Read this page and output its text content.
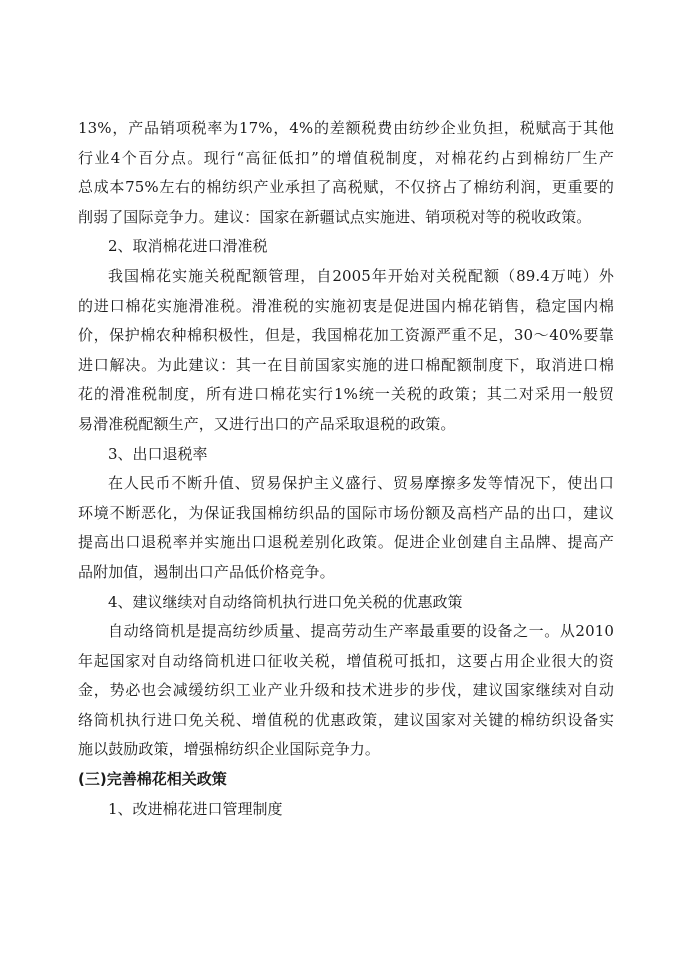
13%，产品销项税率为17%，4%的差额税费由纺纱企业负担，税赋高于其他
行业4个百分点。现行“高征低扣”的增值税制度，对棉花约占到棉纺厂生产
总成本75%左右的棉纺织产业承担了高税赋，不仅挤占了棉纺利润，更重要的
削弱了国际竞争力。建议：国家在新疆试点实施进、销项税对等的税收政策。
2、取消棉花进口滑准税
我国棉花实施关税配额管理，自2005年开始对关税配额（89.4万吨）外
的进口棉花实施滑准税。滑准税的实施初衷是促进国内棉花销售，稳定国内棉
价，保护棉农种棉积极性，但是，我国棉花加工资源严重不足，30～40%要靠
进口解决。为此建议：其一在目前国家实施的进口棉配额制度下，取消进口棉
花的滑准税制度，所有进口棉花实行1%统一关税的政策；其二对采用一般贸
易滑准税配额生产，又进行出口的产品采取退税的政策。
3、出口退税率
在人民币不断升值、贸易保护主义盛行、贸易摩擦多发等情况下，使出口
环境不断恶化，为保证我国棉纺织品的国际市场份额及高档产品的出口，建议
提高出口退税率并实施出口退税差别化政策。促进企业创建自主品牌、提高产
品附加值，遏制出口产品低价格竞争。
4、建议继续对自动络筒机执行进口免关税的优惠政策
自动络筒机是提高纺纱质量、提高劳动生产率最重要的设备之一。从2010
年起国家对自动络筒机进口征收关税，增值税可抵扣，这要占用企业很大的资
金，势必也会减缓纺织工业产业升级和技术进步的步伐，建议国家继续对自动
络筒机执行进口免关税、增值税的优惠政策，建议国家对关键的棉纺织设备实
施以鼓励政策，增强棉纺织企业国际竞争力。
(三)完善棉花相关政策
1、改进棉花进口管理制度
